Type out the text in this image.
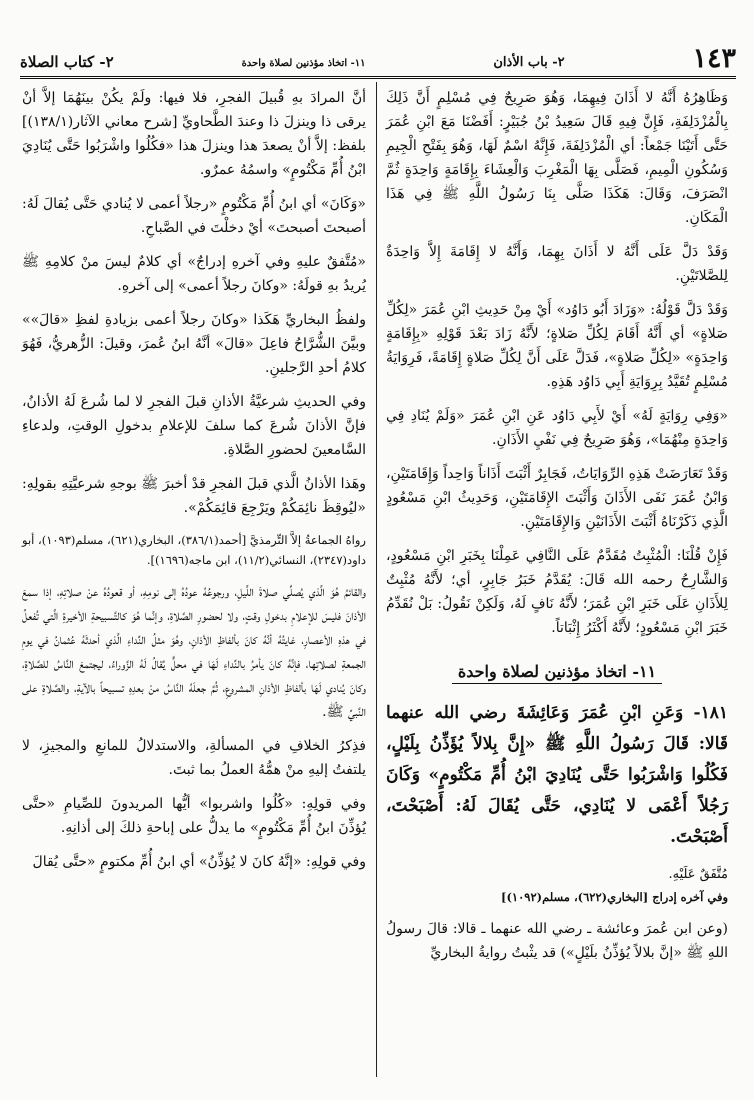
١٤٣
٢- باب الأذان
١١- اتخاذ مؤذنين لصلاة واحدة
٢- كتاب الصلاة

وَظَاهِرُهُ أَنَّهُ لا أَذَانَ فِيهِمَا، وَهُوَ صَرِيحٌ فِي مُسْلِمٍ أَنَّ ذَلِكَ بِالْمُزْدَلِفَةِ، فَإِنَّ فِيهِ قَالَ سَعِيدُ بْنُ جُبَيْرٍ: أَفَضْنَا مَعَ ابْنِ عُمَرَ حَتَّى أَتَيْنَا جَمْعاً: أي الْمُزْدَلِفَةَ، فَإِنَّهُ اسْمٌ لَهَا، وَهُوَ بِفَتْحِ الْجِيمِ وَسُكُونِ الْمِيمِ، فَصَلَّى بِهَا الْمَغْرِبَ وَالْعِشَاءَ بِإِقَامَةٍ وَاحِدَةٍ ثُمَّ انْصَرَفَ، وَقَالَ: هَكَذَا صَلَّى بِنَا رَسُولُ اللَّهِ ﷺ فِي هَذَا الْمَكَانِ.

وَقَدْ دَلَّ عَلَى أَنَّهُ لا أَذَانَ بِهِمَا، وَأَنَّهُ لا إِقَامَةَ إِلاَّ وَاحِدَةٌ لِلصَّلاتَيْنِ.

وَقَدْ دَلَّ قَوْلُهُ: «وَزَادَ أَبُو دَاوُد» أَيْ مِنْ حَدِيثِ ابْنِ عُمَرَ «لِكُلِّ صَلاةٍ» أي أَنَّهُ أَقَامَ لِكُلِّ صَلاةٍ؛ لأَنَّهُ زَادَ بَعْدَ قَوْلِهِ «بِإِقَامَةٍ وَاحِدَةٍ» «لِكُلِّ صَلاةٍ»، فَدَلَّ عَلَى أَنَّ لِكُلِّ صَلاةٍ إِقَامَةً، فَرِوَايَةُ مُسْلِمٍ تُقَيَّدُ بِرِوَايَةِ أَبِي دَاوُد هَذِهِ.

«وَفِي رِوَايَةٍ لَهُ» أَيْ لأَبِي دَاوُد عَنِ ابْنِ عُمَرَ «وَلَمْ يُنَادِ فِي وَاحِدَةٍ مِنْهُمَا»، وَهُوَ صَرِيحٌ فِي نَفْيِ الأَذَانِ.

وَقَدْ تَعَارَضَتْ هَذِهِ الرِّوَايَاتُ، فَجَابِرٌ أَثْبَتَ أَذَاناً وَاحِداً وَإِقَامَتَيْنِ، وَابْنُ عُمَرَ نَفَى الأَذَانَ وَأَثْبَتَ الإِقَامَتَيْنِ، وَحَدِيثُ ابْنِ مَسْعُودٍ الَّذِي ذَكَرْنَاهُ أَثْبَتَ الأَذَانَيْنِ وَالإِقَامَتَيْنِ.

فَإِنْ قُلْنَا: الْمُثْبِتُ مُقَدَّمٌ عَلَى النَّافِي عَمِلْنَا بِخَبَرِ ابْنِ مَسْعُودٍ، وَالشَّارِحُ رحمه الله قَالَ: يُقَدَّمُ خَبَرُ جَابِرٍ، أي؛ لأَنَّهُ مُثْبِتٌ لِلأَذَانِ عَلَى خَبَرِ ابْنِ عُمَرَ؛ لأَنَّهُ نَافٍ لَهُ، وَلَكِنْ نَقُولُ: بَلْ نُقَدِّمُ خَبَرَ ابْنِ مَسْعُودٍ؛ لأَنَّهُ أَكْثَرُ إِثْبَاتاً.

١١- اتخاذ مؤذنين لصلاة واحدة

١٨١- وَعَنِ ابْنِ عُمَرَ وَعَائِشَةَ رضي الله عنهما قَالا: قَالَ رَسُولُ اللَّهِ ﷺ «إِنَّ بِلالاً يُؤَذِّنُ بِلَيْلٍ، فَكُلُوا وَاشْرَبُوا حَتَّى يُنَادِيَ ابْنُ أُمِّ مَكْتُومٍ» وَكَانَ رَجُلاً أَعْمَى لا يُنَادِي، حَتَّى يُقَالَ لَهُ: أَصْبَحْتَ، أَصْبَحْتَ.

مُتَّفَقٌ عَلَيْهِ.

وفي آخره إدراج [البخاري(٦٢٢)، مسلم(١٠٩٢)]

(وعن ابن عُمرَ وعائشة ـ رضي الله عنهما ـ قالا: قالَ رسولُ اللهِ ﷺ «إنَّ بلالاً يُؤذِّنُ بلَيْلٍ») قد يثْبتُ روايةُ البخاريِّ

أنَّ المرادَ بهِ قُبيلَ الفجرِ، فلا فيها: ولَمْ يكُنْ بينَهُمَا إلاَّ أنْ يرقى ذا وينزلَ ذا وعندَ الطَّحاويِّ [شرح معاني الآثار(١٣٨/١)] بلفظ: إلاَّ أنْ يصعدَ هذا وينزلَ هذا «فكُلُوا واشْرَبُوا حَتَّى يُنَادِيَ ابْنُ أُمِّ مَكْتُومٍ» واسمُهُ عمرٌو.

«وَكَانَ» أي ابنُ أُمِّ مَكْتُومٍ «رجلاً أعمى لا يُنادي حَتَّى يُقالَ لَهُ: أصبحتَ أصبحتَ» أيْ دخلْتَ في الصَّباحِ.

«مُتَّفقٌ عليهِ وفي آخرهِ إدراجٌ» أي كلامٌ ليسَ منْ كلامِهِ ﷺ يُريدُ بهِ قولَهُ: «وكانَ رجلاً أعمى» إلى آخرهِ.

ولفظُ البخاريِّ هَكَذا «وكانَ رجلاً أعمى بزيادةِ لفظِ «قالَ»» وبيَّنَ الشُّرَّاحُ فاعِلَ «قالَ» أنَّهُ ابنُ عُمرَ، وقيلَ: الزُّهريُّ، فَهُوَ كلامُ أحدِ الرَّجلينِ.

وفي الحديثِ شرعيَّةُ الأذانِ قبلَ الفجرِ لا لما شُرعَ لَهُ الأذانُ، فإنَّ الأذانَ شُرعَ كما سلفَ للإعلامِ بدخولِ الوقتِ، ولدعاءِ السَّامعينَ لحضورِ الصَّلاةِ.

وهَذا الأذانُ الَّذي قبلَ الفجرِ قدْ أخبرَ ﷺ بوجهِ شرعيَّتِهِ بقولِهِ: «ليُوقِظَ نائِمَكُمْ ويَرْجِعَ قائِمَكُمْ».

رواهُ الجماعةُ إلاَّ التِّرمذيَّ [أحمد(٣٨٦/١)، البخاري(٦٢١)، مسلم(١٠٩٣)، أبو داود(٢٣٤٧)، النسائي(١١/٢)، ابن ماجه(١٦٩٦)].

والقائمُ هُوَ الَّذي يُصلِّي صلاةَ اللَّيلِ، ورجوعُهُ عودُهُ إلى نومِهِ، أو قعودُهُ عنْ صلاتِهِ، إذا سمعَ الأذانَ فليسَ للإعلامِ بدخولِ وقتٍ، ولا لحضورِ الصَّلاةِ، وإنَّما هُوَ كالتَّسبيحةِ الأخيرةِ الَّتي تُفعلُ في هذهِ الأعصارِ، غايتُهُ أنَّهُ كانَ بألفاظِ الأذانِ، وهُوَ مثلُ النِّداءِ الَّذي أحدثَهُ عُثمانُ في يومِ الجمعةِ لصلاتِها، فإنَّهُ كانَ يأمرُ بالنِّداءِ لَهَا في محلٍّ يُقالُ لَهُ الزَّوراءُ، ليجتمعَ النَّاسُ للصَّلاةِ، وكانَ يُنادي لَهَا بألفاظِ الأذانِ المشروعِ، ثُمَّ جعلَهُ النَّاسُ منْ بعدِهِ تسبيحاً بالآيةِ، والصَّلاةِ على النَّبيِّ ﷺ.

فذِكرُ الخلافِ في المسألةِ، والاستدلالُ للمانعِ والمجيزِ، لا يلتفتُ إليهِ منْ همُّهُ العملُ بما ثبتَ.

وفي قولِهِ: «كُلُوا واشربوا» أيُّها المريدونَ للصِّيامِ «حتَّى يُؤذِّنَ ابنُ أُمِّ مَكْتُومٍ» ما يدلُّ على إباحةِ ذلكَ إلى أذانِهِ.

وفي قولِهِ: «إنَّهُ كانَ لا يُؤذِّنُ» أي ابنُ أُمِّ مكتومٍ «حتَّى يُقالَ
